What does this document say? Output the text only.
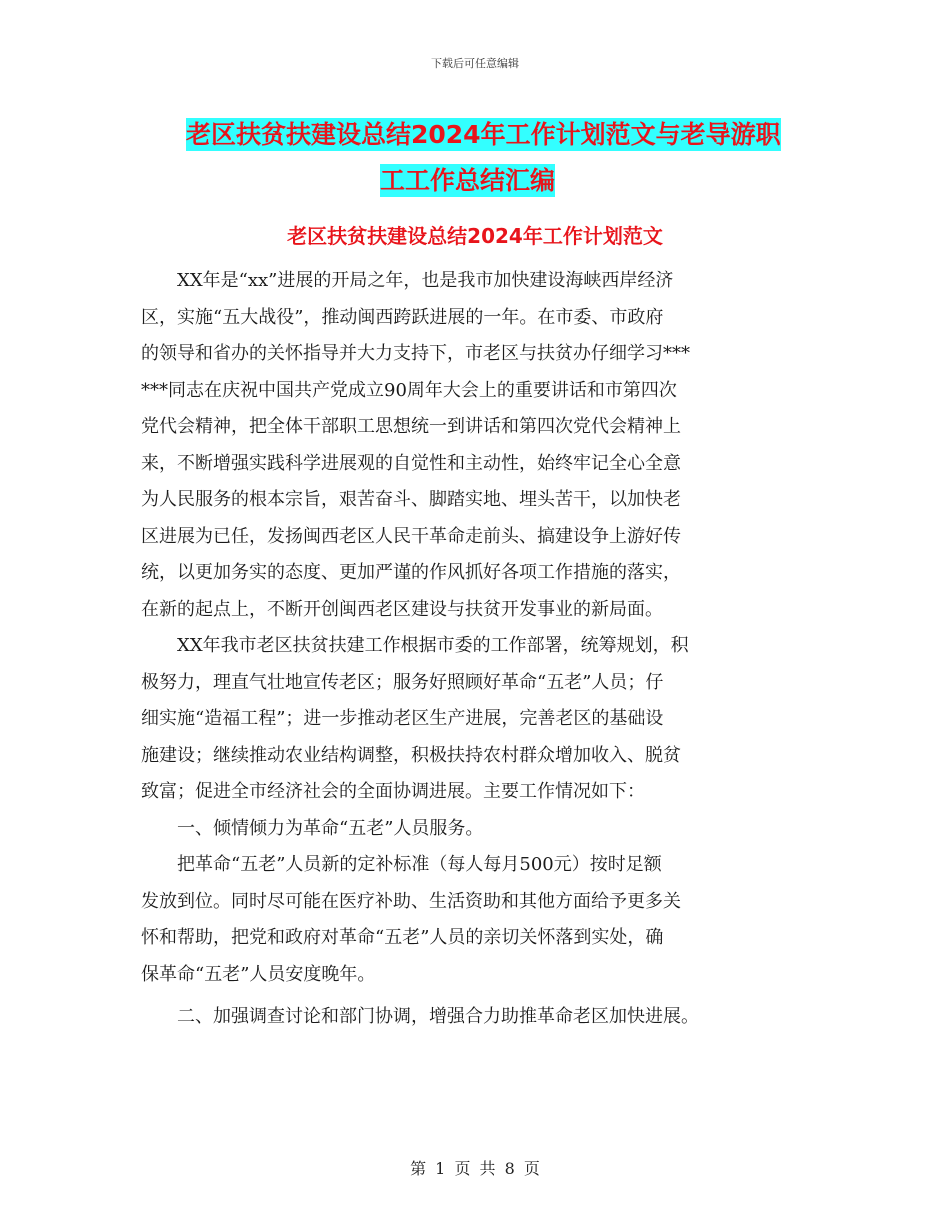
下载后可任意编辑
老区扶贫扶建设总结2024年工作计划范文与老导游职
工工作总结汇编
老区扶贫扶建设总结2024年工作计划范文
　　XX年是“xx”进展的开局之年，也是我市加快建设海峡西岸经济
区，实施“五大战役”，推动闽西跨跃进展的一年。在市委、市政府
的领导和省办的关怀指导并大力支持下，市老区与扶贫办仔细学习***
***同志在庆祝中国共产党成立90周年大会上的重要讲话和市第四次
党代会精神，把全体干部职工思想统一到讲话和第四次党代会精神上
来，不断增强实践科学进展观的自觉性和主动性，始终牢记全心全意
为人民服务的根本宗旨，艰苦奋斗、脚踏实地、埋头苦干，以加快老
区进展为已任，发扬闽西老区人民干革命走前头、搞建设争上游好传
统，以更加务实的态度、更加严谨的作风抓好各项工作措施的落实，
在新的起点上，不断开创闽西老区建设与扶贫开发事业的新局面。
　　XX年我市老区扶贫扶建工作根据市委的工作部署，统筹规划，积
极努力，理直气壮地宣传老区；服务好照顾好革命“五老”人员；仔
细实施“造福工程”；进一步推动老区生产进展，完善老区的基础设
施建设；继续推动农业结构调整，积极扶持农村群众增加收入、脱贫
致富；促进全市经济社会的全面协调进展。主要工作情况如下：
　　一、倾情倾力为革命“五老”人员服务。
　　把革命“五老”人员新的定补标准（每人每月500元）按时足额
发放到位。同时尽可能在医疗补助、生活资助和其他方面给予更多关
怀和帮助，把党和政府对革命“五老”人员的亲切关怀落到实处，确
保革命“五老”人员安度晚年。
　　二、加强调查讨论和部门协调，增强合力助推革命老区加快进展。
第 1 页 共 8 页
